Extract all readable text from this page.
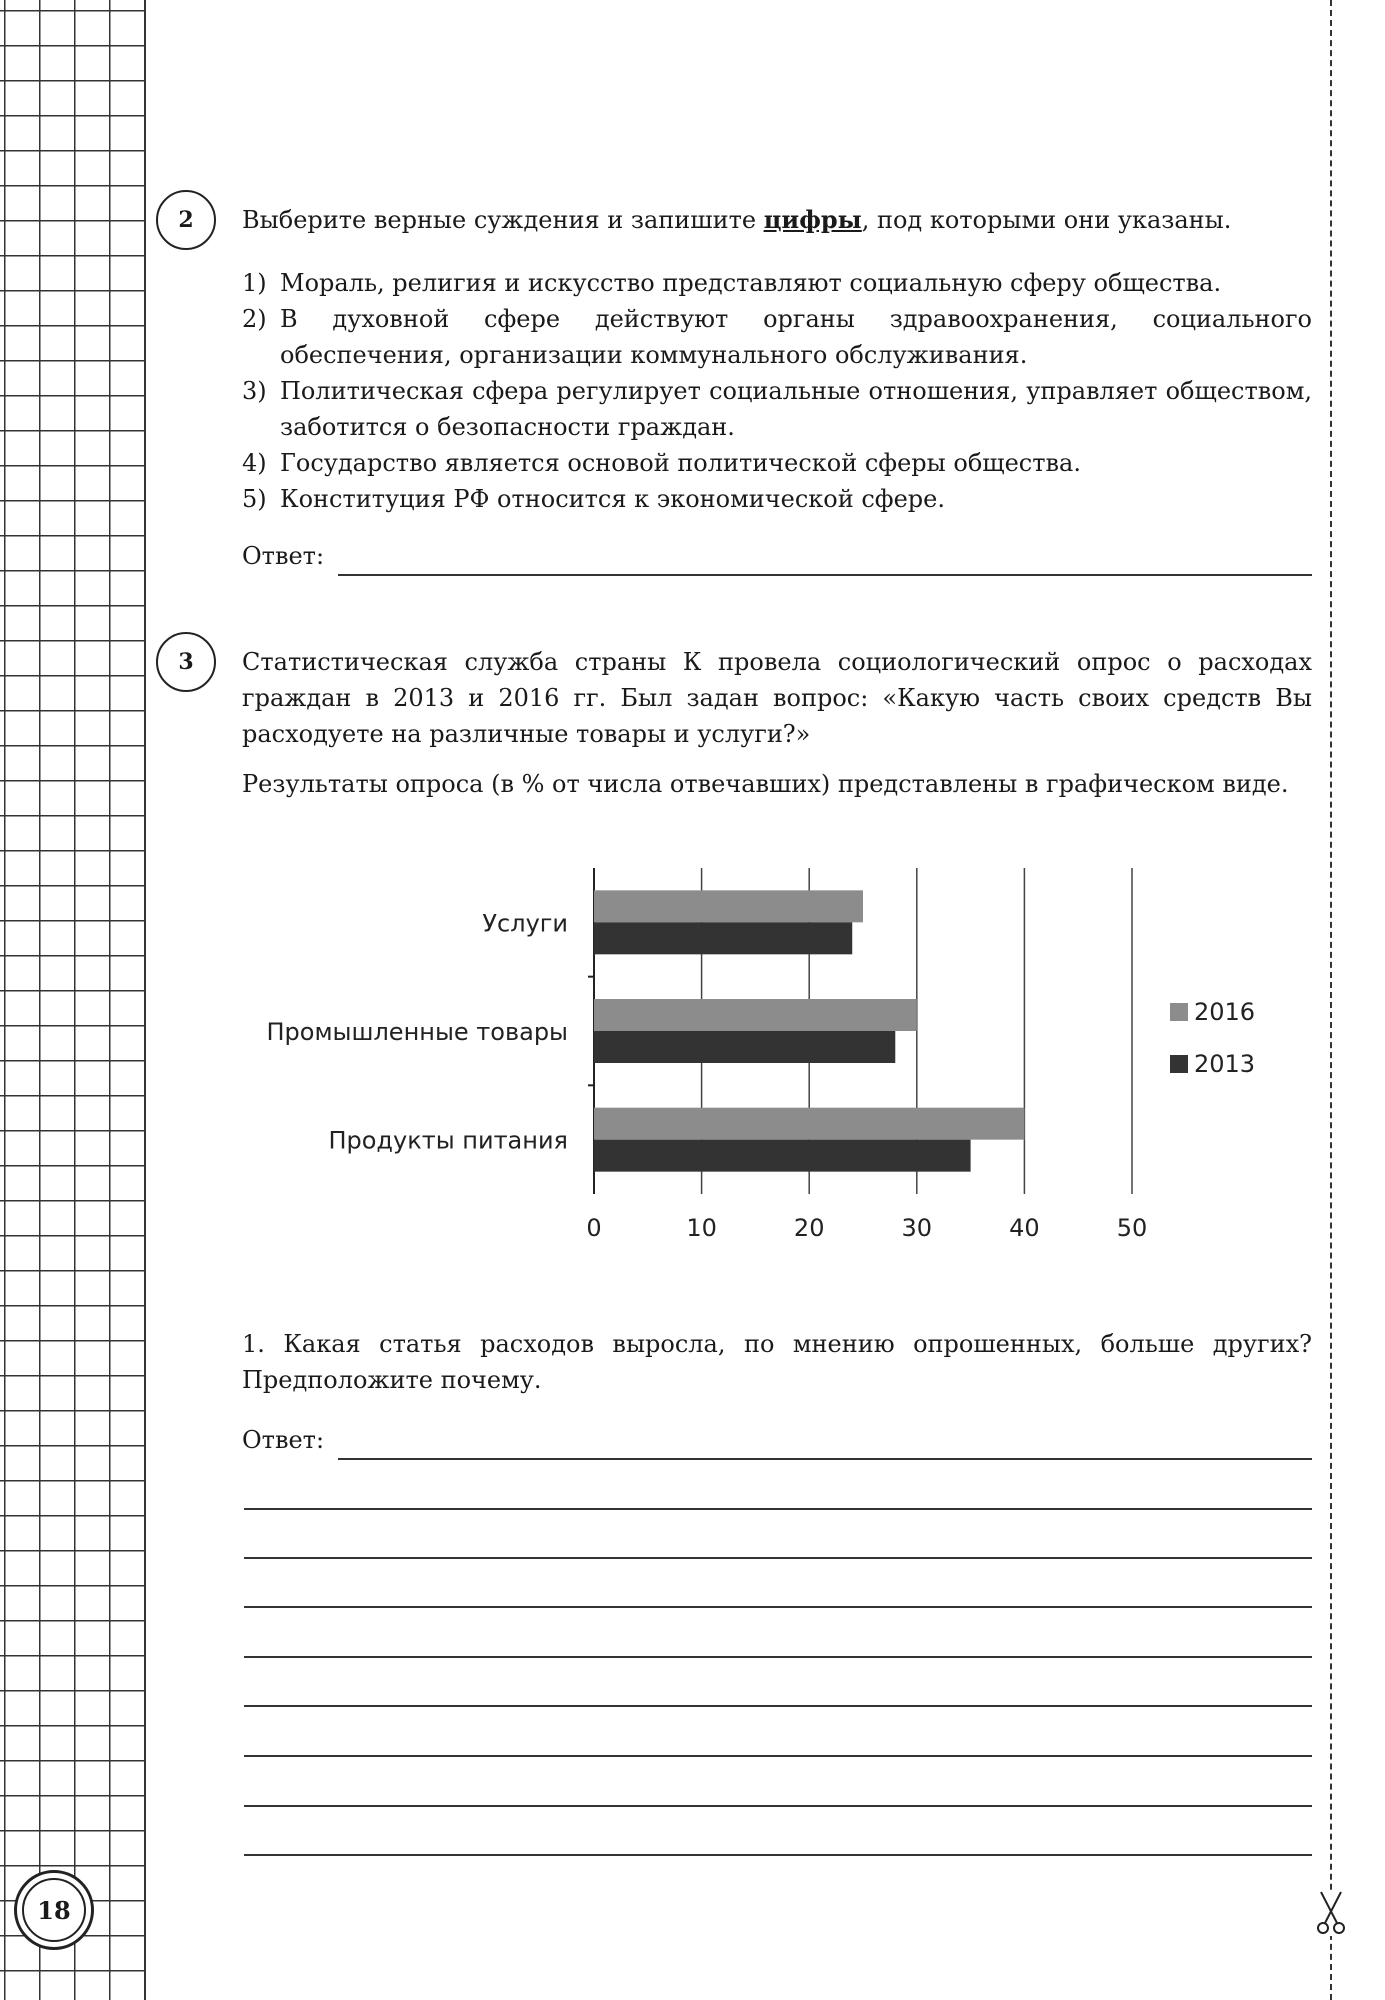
18
2	Выберите верные суждения и запишите цифры, под которыми они указаны.
1) Мораль, религия и искусство представляют социальную сферу общества.
2) В духовной сфере действуют органы здравоохранения, социального обеспечения, организации коммунального обслуживания.
3) Политическая сфера регулирует социальные отношения, управляет обществом, заботится о безопасности граждан.
4) Государство является основой политической сферы общества.
5) Конституция РФ относится к экономической сфере.
Ответ:
3	Статистическая служба страны К провела социологический опрос о расходах граждан в 2013 и 2016 гг. Был задан вопрос: «Какую часть своих средств Вы расходуете на различные товары и услуги?»
Результаты опроса (в % от числа отвечавших) представлены в графическом виде.
0	10	20	30	40	50
Услуги
Промышленные товары
Продукты питания
2016
2013
1. Какая статья расходов выросла, по мнению опрошенных, больше других? Предположите почему.
Ответ:
